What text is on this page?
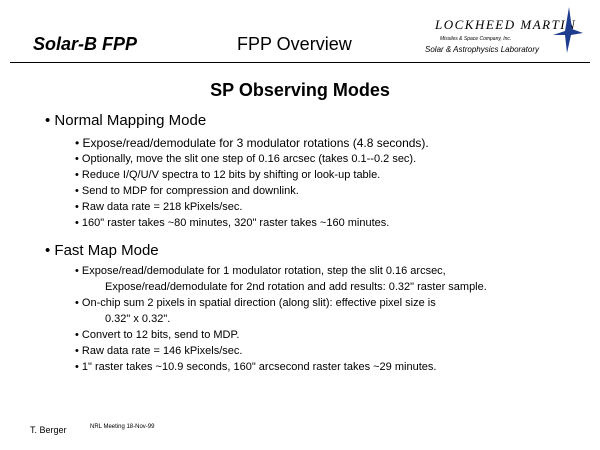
Solar-B FPP	FPP Overview
LOCKHEED MARTIN
Missiles & Space Company, Inc.
Solar & Astrophysics Laboratory
SP Observing Modes
• Normal Mapping Mode
• Expose/read/demodulate for 3 modulator rotations (4.8 seconds).
• Optionally, move the slit one step of 0.16 arcsec (takes 0.1--0.2 sec).
• Reduce I/Q/U/V spectra to 12 bits by shifting or look-up table.
• Send to MDP for compression and downlink.
• Raw data rate = 218 kPixels/sec.
• 160" raster takes ~80 minutes, 320" raster takes ~160 minutes.
• Fast Map Mode
• Expose/read/demodulate for 1 modulator rotation, step the slit 0.16 arcsec,
Expose/read/demodulate for 2nd rotation and add results: 0.32" raster sample.
• On-chip sum 2 pixels in spatial direction (along slit): effective pixel size is
0.32" x 0.32".
• Convert to 12 bits, send to MDP.
• Raw data rate = 146 kPixels/sec.
• 1" raster takes ~10.9 seconds, 160" arcsecond raster takes ~29 minutes.
T. Berger	NRL Meeting 18-Nov-99
